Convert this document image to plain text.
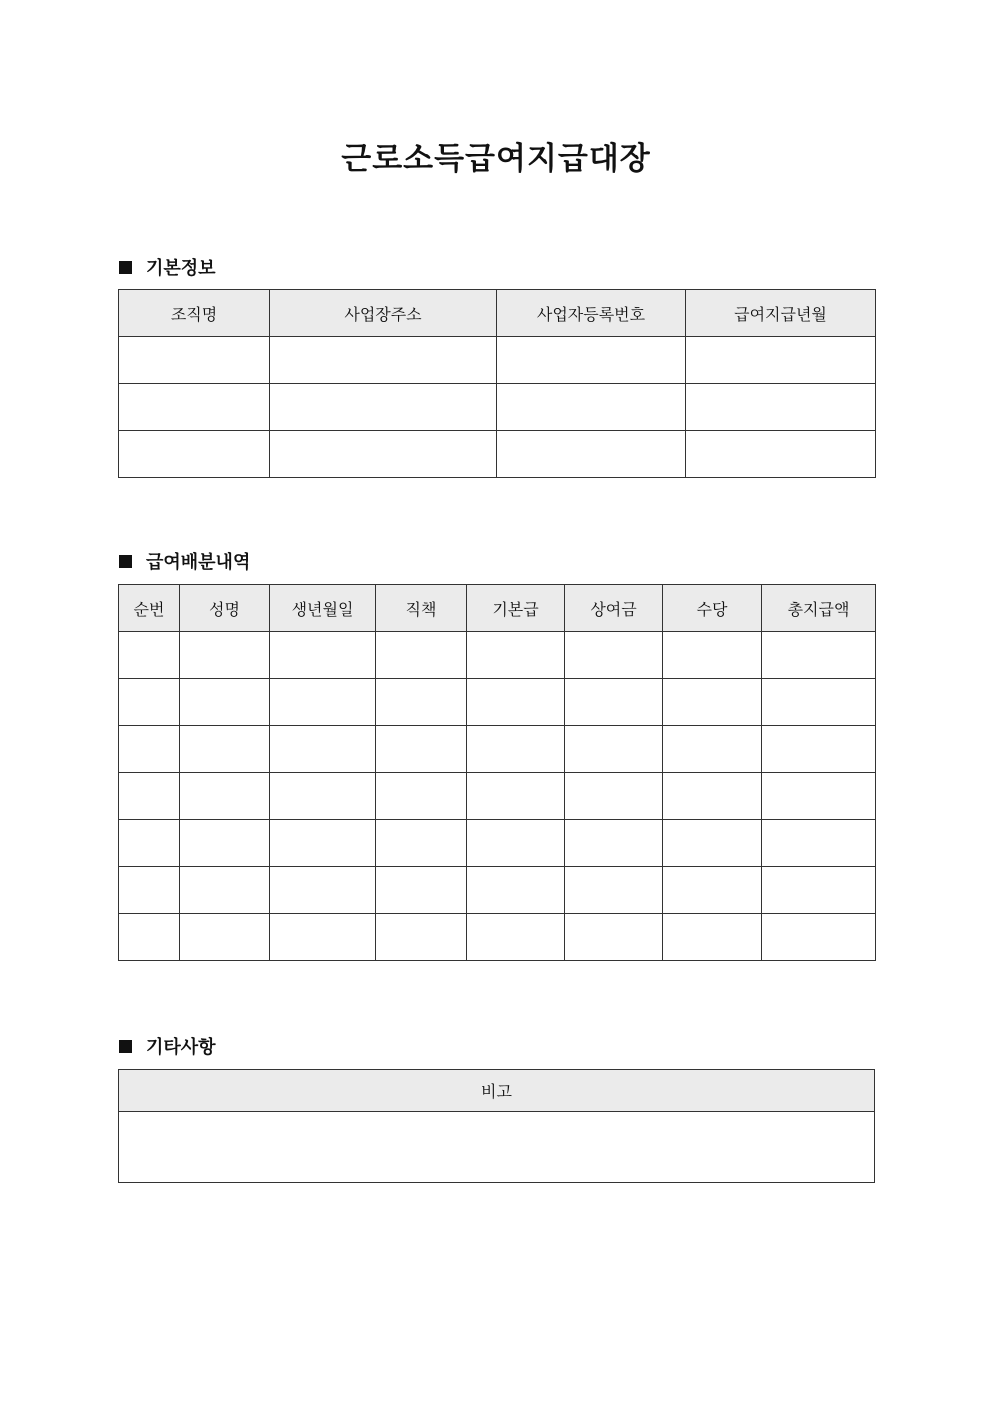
근로소득급여지급대장
기본정보
조직명	사업장주소	사업자등록번호	급여지급년월

급여배분내역
순번	성명	생년월일	직책	기본급	상여금	수당	총지급액

기타사항
비고
